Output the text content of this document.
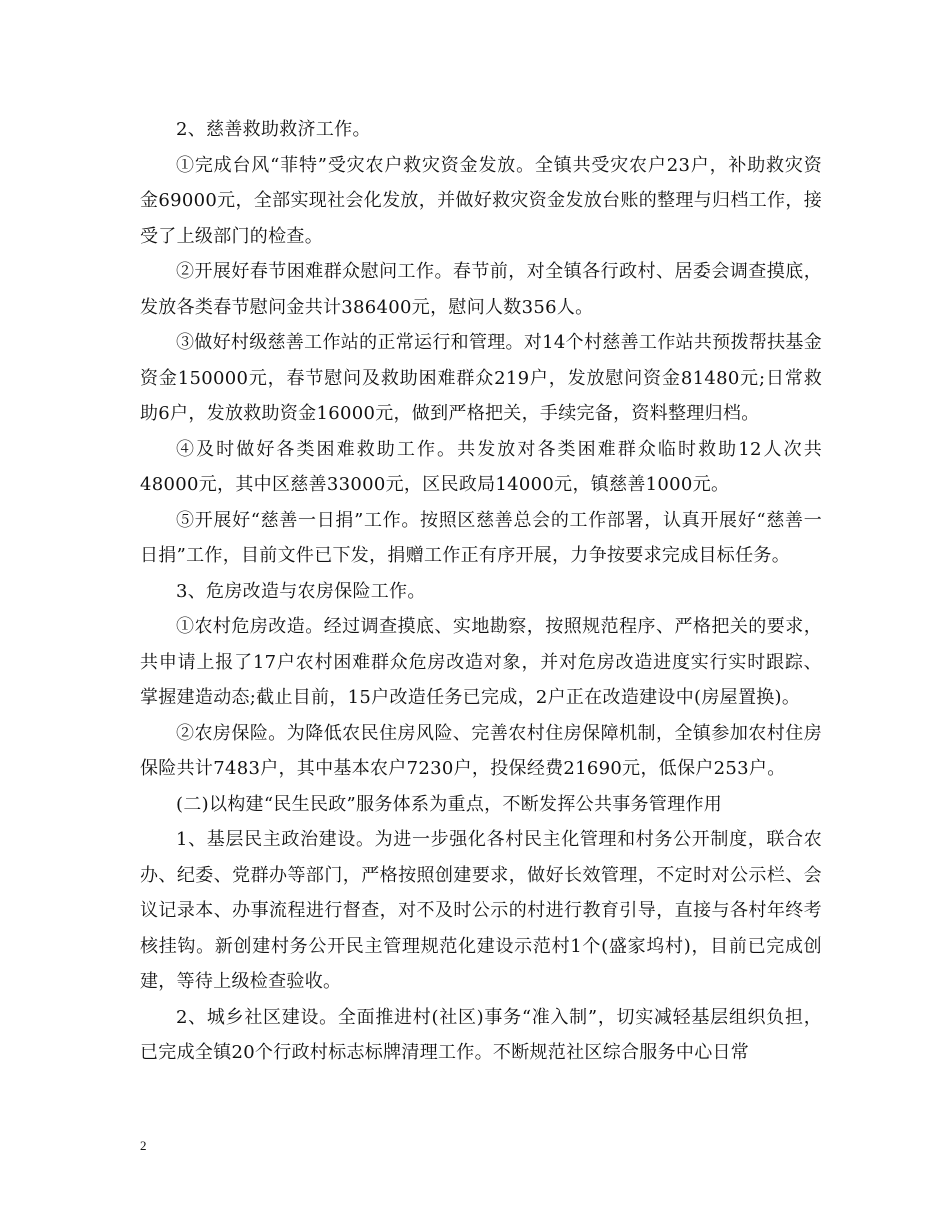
2、慈善救助救济工作。

①完成台风“菲特”受灾农户救灾资金发放。全镇共受灾农户23户，补助救灾资金69000元，全部实现社会化发放，并做好救灾资金发放台账的整理与归档工作，接受了上级部门的检查。

②开展好春节困难群众慰问工作。春节前，对全镇各行政村、居委会调查摸底，发放各类春节慰问金共计386400元，慰问人数356人。

③做好村级慈善工作站的正常运行和管理。对14个村慈善工作站共预拨帮扶基金资金150000元，春节慰问及救助困难群众219户，发放慰问资金81480元;日常救助6户，发放救助资金16000元，做到严格把关，手续完备，资料整理归档。

④及时做好各类困难救助工作。共发放对各类困难群众临时救助12人次共48000元，其中区慈善33000元，区民政局14000元，镇慈善1000元。

⑤开展好“慈善一日捐”工作。按照区慈善总会的工作部署，认真开展好“慈善一日捐”工作，目前文件已下发，捐赠工作正有序开展，力争按要求完成目标任务。

3、危房改造与农房保险工作。

①农村危房改造。经过调查摸底、实地勘察，按照规范程序、严格把关的要求，共申请上报了17户农村困难群众危房改造对象，并对危房改造进度实行实时跟踪、掌握建造动态;截止目前，15户改造任务已完成，2户正在改造建设中(房屋置换)。

②农房保险。为降低农民住房风险、完善农村住房保障机制，全镇参加农村住房保险共计7483户，其中基本农户7230户，投保经费21690元，低保户253户。

(二)以构建“民生民政”服务体系为重点，不断发挥公共事务管理作用

1、基层民主政治建设。为进一步强化各村民主化管理和村务公开制度，联合农办、纪委、党群办等部门，严格按照创建要求，做好长效管理，不定时对公示栏、会议记录本、办事流程进行督查，对不及时公示的村进行教育引导，直接与各村年终考核挂钩。新创建村务公开民主管理规范化建设示范村1个(盛家坞村)，目前已完成创建，等待上级检查验收。

2、城乡社区建设。全面推进村(社区)事务“准入制”，切实减轻基层组织负担，已完成全镇20个行政村标志标牌清理工作。不断规范社区综合服务中心日常

2
